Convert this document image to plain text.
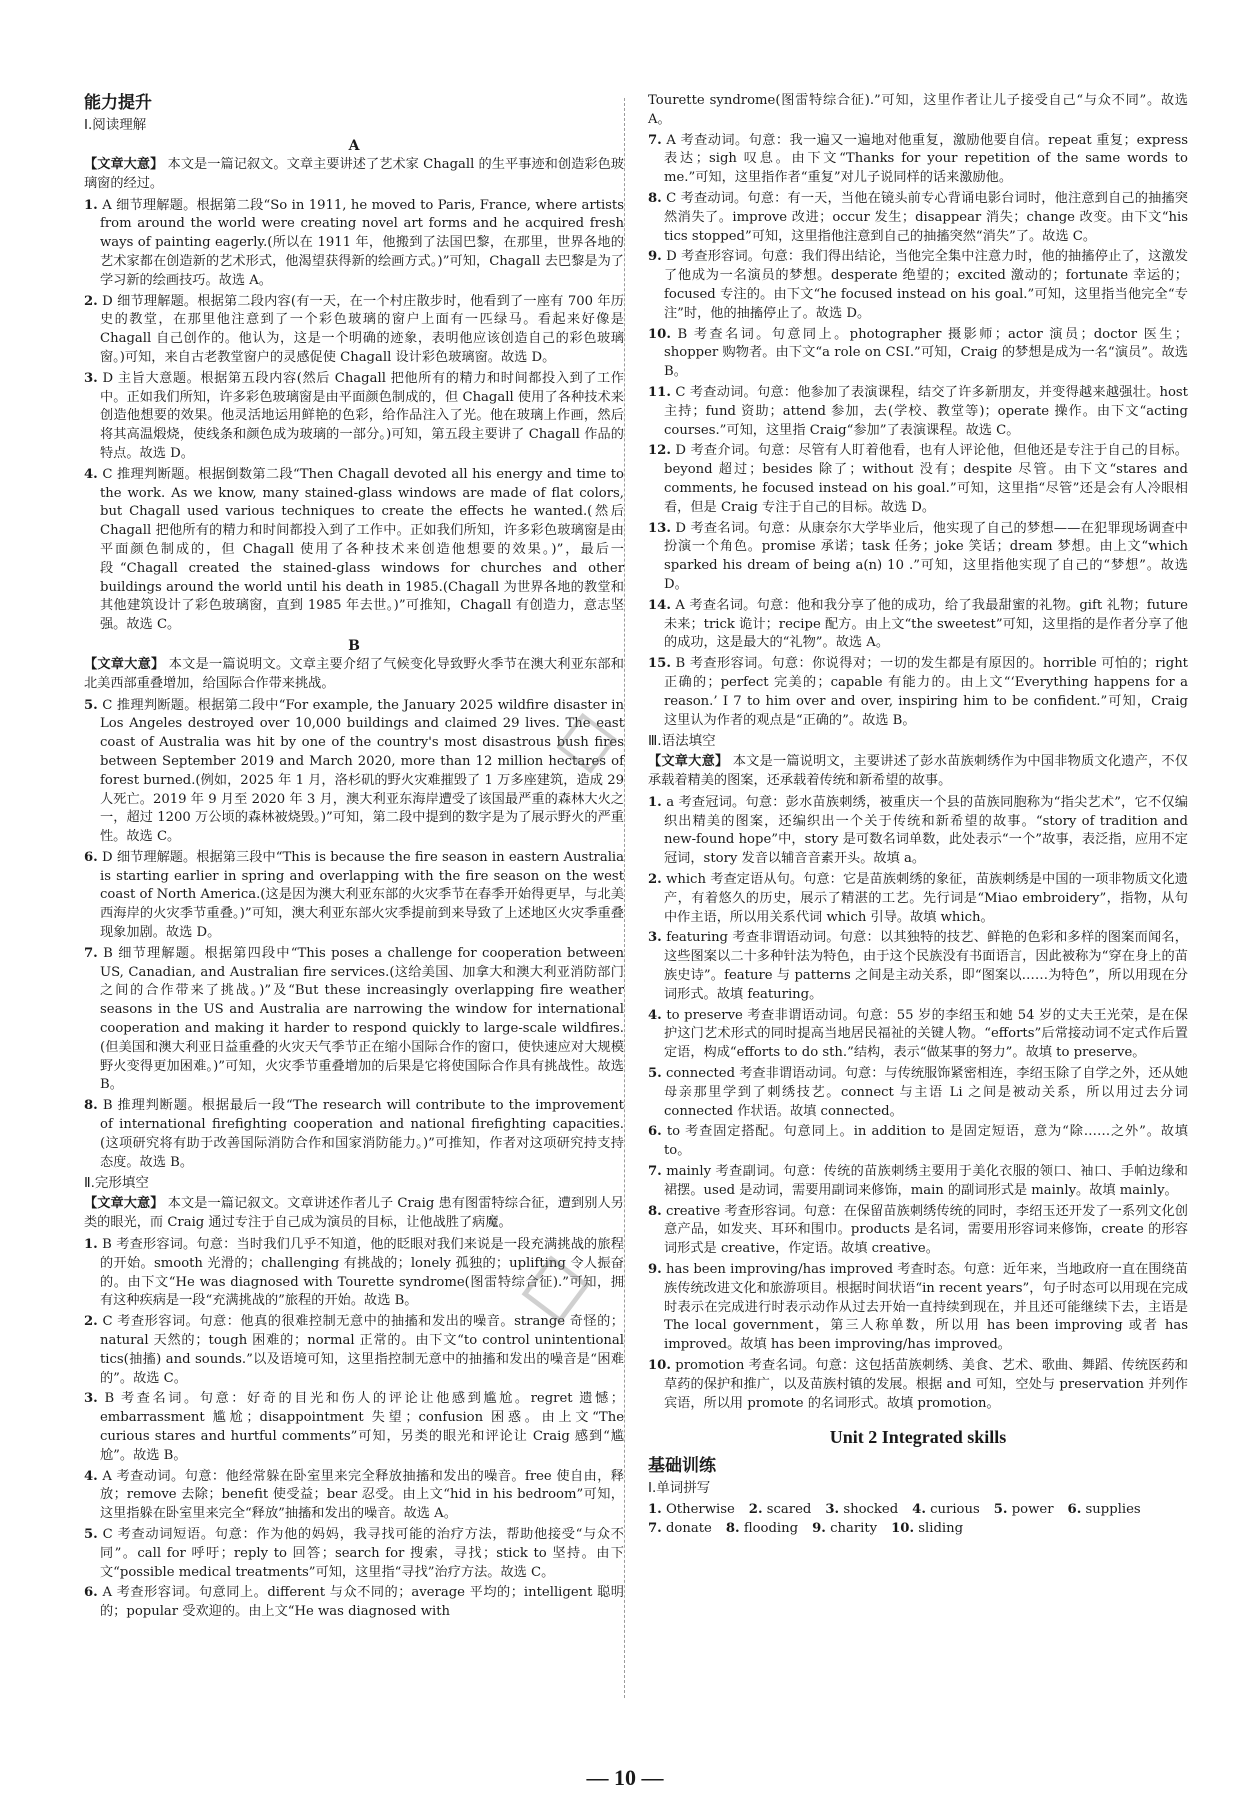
能力提升
Ⅰ.阅读理解
A
【文章大意】 本文是一篇记叙文。文章主要讲述了艺术家 Chagall 的生平事迹和创造彩色玻璃窗的经过。
1. A 细节理解题。根据第二段“So in 1911, he moved to Paris, France, where artists from around the world were creating novel art forms and he acquired fresh ways of painting eagerly.(所以在 1911 年，他搬到了法国巴黎，在那里，世界各地的艺术家都在创造新的艺术形式，他渴望获得新的绘画方式。)”可知，Chagall 去巴黎是为了学习新的绘画技巧。故选 A。
2. D 细节理解题。根据第二段内容(有一天，在一个村庄散步时，他看到了一座有 700 年历史的教堂，在那里他注意到了一个彩色玻璃的窗户上面有一匹绿马。看起来好像是 Chagall 自己创作的。他认为，这是一个明确的迹象，表明他应该创造自己的彩色玻璃窗。)可知，来自古老教堂窗户的灵感促使 Chagall 设计彩色玻璃窗。故选 D。
3. D 主旨大意题。根据第五段内容(然后 Chagall 把他所有的精力和时间都投入到了工作中。正如我们所知，许多彩色玻璃窗是由平面颜色制成的，但 Chagall 使用了各种技术来创造他想要的效果。他灵活地运用鲜艳的色彩，给作品注入了光。他在玻璃上作画，然后将其高温煅烧，使线条和颜色成为玻璃的一部分。)可知，第五段主要讲了 Chagall 作品的特点。故选 D。
4. C 推理判断题。根据倒数第二段“Then Chagall devoted all his energy and time to the work. As we know, many stained-glass windows are made of flat colors, but Chagall used various techniques to create the effects he wanted.(然后 Chagall 把他所有的精力和时间都投入到了工作中。正如我们所知，许多彩色玻璃窗是由平面颜色制成的，但 Chagall 使用了各种技术来创造他想要的效果。)”，最后一段“Chagall created the stained-glass windows for churches and other buildings around the world until his death in 1985.(Chagall 为世界各地的教堂和其他建筑设计了彩色玻璃窗，直到 1985 年去世。)”可推知，Chagall 有创造力，意志坚强。故选 C。
B
【文章大意】 本文是一篇说明文。文章主要介绍了气候变化导致野火季节在澳大利亚东部和北美西部重叠增加，给国际合作带来挑战。
5. C 推理判断题。根据第二段中“For example, the January 2025 wildfire disaster in Los Angeles destroyed over 10,000 buildings and claimed 29 lives. The east coast of Australia was hit by one of the country's most disastrous bush fires between September 2019 and March 2020, more than 12 million hectares of forest burned.(例如，2025 年 1 月，洛杉矶的野火灾难摧毁了 1 万多座建筑，造成 29 人死亡。2019 年 9 月至 2020 年 3 月，澳大利亚东海岸遭受了该国最严重的森林大火之一，超过 1200 万公顷的森林被烧毁。)”可知，第二段中提到的数字是为了展示野火的严重性。故选 C。
6. D 细节理解题。根据第三段中“This is because the fire season in eastern Australia is starting earlier in spring and overlapping with the fire season on the west coast of North America.(这是因为澳大利亚东部的火灾季节在春季开始得更早，与北美西海岸的火灾季节重叠。)”可知，澳大利亚东部火灾季提前到来导致了上述地区火灾季重叠现象加剧。故选 D。
7. B 细节理解题。根据第四段中“This poses a challenge for cooperation between US, Canadian, and Australian fire services.(这给美国、加拿大和澳大利亚消防部门之间的合作带来了挑战。)”及“But these increasingly overlapping fire weather seasons in the US and Australia are narrowing the window for international cooperation and making it harder to respond quickly to large-scale wildfires.(但美国和澳大利亚日益重叠的火灾天气季节正在缩小国际合作的窗口，使快速应对大规模野火变得更加困难。)”可知，火灾季节重叠增加的后果是它将使国际合作具有挑战性。故选 B。
8. B 推理判断题。根据最后一段“The research will contribute to the improvement of international firefighting cooperation and national firefighting capacities.(这项研究将有助于改善国际消防合作和国家消防能力。)”可推知，作者对这项研究持支持态度。故选 B。
Ⅱ.完形填空
【文章大意】 本文是一篇记叙文。文章讲述作者儿子 Craig 患有图雷特综合征，遭到别人另类的眼光，而 Craig 通过专注于自己成为演员的目标，让他战胜了病魔。
1. B 考查形容词。句意：当时我们几乎不知道，他的眨眼对我们来说是一段充满挑战的旅程的开始。smooth 光滑的；challenging 有挑战的；lonely 孤独的；uplifting 令人振奋的。由下文“He was diagnosed with Tourette syndrome(图雷特综合征).”可知，拥有这种疾病是一段“充满挑战的”旅程的开始。故选 B。
2. C 考查形容词。句意：他真的很难控制无意中的抽搐和发出的噪音。strange 奇怪的；natural 天然的；tough 困难的；normal 正常的。由下文“to control unintentional tics(抽搐) and sounds.”以及语境可知，这里指控制无意中的抽搐和发出的噪音是“困难的”。故选 C。
3. B 考查名词。句意：好奇的目光和伤人的评论让他感到尴尬。regret 遗憾；embarrassment 尴尬；disappointment 失望；confusion 困惑。由上文“The curious stares and hurtful comments”可知，另类的眼光和评论让 Craig 感到“尴尬”。故选 B。
4. A 考查动词。句意：他经常躲在卧室里来完全释放抽搐和发出的噪音。free 使自由，释放；remove 去除；benefit 使受益；bear 忍受。由上文“hid in his bedroom”可知，这里指躲在卧室里来完全“释放”抽搐和发出的噪音。故选 A。
5. C 考查动词短语。句意：作为他的妈妈，我寻找可能的治疗方法，帮助他接受“与众不同”。call for 呼吁；reply to 回答；search for 搜索，寻找；stick to 坚持。由下文“possible medical treatments”可知，这里指“寻找”治疗方法。故选 C。
6. A 考查形容词。句意同上。different 与众不同的；average 平均的；intelligent 聪明的；popular 受欢迎的。由上文“He was diagnosed with
Tourette syndrome(图雷特综合征).”可知，这里作者让儿子接受自己“与众不同”。故选 A。
7. A 考查动词。句意：我一遍又一遍地对他重复，激励他要自信。repeat 重复；express 表达；sigh 叹息。由下文“Thanks for your repetition of the same words to me.”可知，这里指作者“重复”对儿子说同样的话来激励他。
8. C 考查动词。句意：有一天，当他在镜头前专心背诵电影台词时，他注意到自己的抽搐突然消失了。improve 改进；occur 发生；disappear 消失；change 改变。由下文“his tics stopped”可知，这里指他注意到自己的抽搐突然“消失”了。故选 C。
9. D 考查形容词。句意：我们得出结论，当他完全集中注意力时，他的抽搐停止了，这激发了他成为一名演员的梦想。desperate 绝望的；excited 激动的；fortunate 幸运的；focused 专注的。由下文“he focused instead on his goal.”可知，这里指当他完全“专注”时，他的抽搐停止了。故选 D。
10. B 考查名词。句意同上。photographer 摄影师；actor 演员；doctor 医生；shopper 购物者。由下文“a role on CSI.”可知，Craig 的梦想是成为一名“演员”。故选 B。
11. C 考查动词。句意：他参加了表演课程，结交了许多新朋友，并变得越来越强壮。host 主持；fund 资助；attend 参加，去(学校、教堂等)；operate 操作。由下文“acting courses.”可知，这里指 Craig“参加”了表演课程。故选 C。
12. D 考查介词。句意：尽管有人盯着他看，也有人评论他，但他还是专注于自己的目标。beyond 超过；besides 除了；without 没有；despite 尽管。由下文“stares and comments, he focused instead on his goal.”可知，这里指“尽管”还是会有人冷眼相看，但是 Craig 专注于自己的目标。故选 D。
13. D 考查名词。句意：从康奈尔大学毕业后，他实现了自己的梦想——在犯罪现场调查中扮演一个角色。promise 承诺；task 任务；joke 笑话；dream 梦想。由上文“which sparked his dream of being a(n) 10 .”可知，这里指他实现了自己的“梦想”。故选 D。
14. A 考查名词。句意：他和我分享了他的成功，给了我最甜蜜的礼物。gift 礼物；future 未来；trick 诡计；recipe 配方。由上文“the sweetest”可知，这里指的是作者分享了他的成功，这是最大的“礼物”。故选 A。
15. B 考查形容词。句意：你说得对；一切的发生都是有原因的。horrible 可怕的；right 正确的；perfect 完美的；capable 有能力的。由上文“‘Everything happens for a reason.’ I 7 to him over and over, inspiring him to be confident.”可知，Craig 这里认为作者的观点是“正确的”。故选 B。
Ⅲ.语法填空
【文章大意】 本文是一篇说明文，主要讲述了彭水苗族刺绣作为中国非物质文化遗产，不仅承载着精美的图案，还承载着传统和新希望的故事。
1. a 考查冠词。句意：彭水苗族刺绣，被重庆一个县的苗族同胞称为“指尖艺术”，它不仅编织出精美的图案，还编织出一个关于传统和新希望的故事。“story of tradition and new-found hope”中，story 是可数名词单数，此处表示“一个”故事，表泛指，应用不定冠词，story 发音以辅音音素开头。故填 a。
2. which 考查定语从句。句意：它是苗族刺绣的象征，苗族刺绣是中国的一项非物质文化遗产，有着悠久的历史，展示了精湛的工艺。先行词是“Miao embroidery”，指物，从句中作主语，所以用关系代词 which 引导。故填 which。
3. featuring 考查非谓语动词。句意：以其独特的技艺、鲜艳的色彩和多样的图案而闻名，这些图案以二十多种针法为特色，由于这个民族没有书面语言，因此被称为“穿在身上的苗族史诗”。feature 与 patterns 之间是主动关系，即“图案以……为特色”，所以用现在分词形式。故填 featuring。
4. to preserve 考查非谓语动词。句意：55 岁的李绍玉和她 54 岁的丈夫王光荣，是在保护这门艺术形式的同时提高当地居民福祉的关键人物。“efforts”后常接动词不定式作后置定语，构成“efforts to do sth.”结构，表示“做某事的努力”。故填 to preserve。
5. connected 考查非谓语动词。句意：与传统服饰紧密相连，李绍玉除了自学之外，还从她母亲那里学到了刺绣技艺。connect 与主语 Li 之间是被动关系，所以用过去分词 connected 作状语。故填 connected。
6. to 考查固定搭配。句意同上。in addition to 是固定短语，意为“除……之外”。故填 to。
7. mainly 考查副词。句意：传统的苗族刺绣主要用于美化衣服的领口、袖口、手帕边缘和裙摆。used 是动词，需要用副词来修饰，main 的副词形式是 mainly。故填 mainly。
8. creative 考查形容词。句意：在保留苗族刺绣传统的同时，李绍玉还开发了一系列文化创意产品，如发夹、耳环和围巾。products 是名词，需要用形容词来修饰，create 的形容词形式是 creative，作定语。故填 creative。
9. has been improving/has improved 考查时态。句意：近年来，当地政府一直在围绕苗族传统改进文化和旅游项目。根据时间状语“in recent years”，句子时态可以用现在完成时表示在完成进行时表示动作从过去开始一直持续到现在，并且还可能继续下去，主语是 The local government，第三人称单数，所以用 has been improving 或者 has improved。故填 has been improving/has improved。
10. promotion 考查名词。句意：这包括苗族刺绣、美食、艺术、歌曲、舞蹈、传统医药和草药的保护和推广，以及苗族村镇的发展。根据 and 可知，空处与 preservation 并列作宾语，所以用 promote 的名词形式。故填 promotion。
Unit 2 Integrated skills
基础训练
Ⅰ.单词拼写
1. Otherwise 2. scared 3. shocked 4. curious 5. power 6. supplies
7. donate 8. flooding 9. charity 10. sliding
— 10 —
◇
◇
